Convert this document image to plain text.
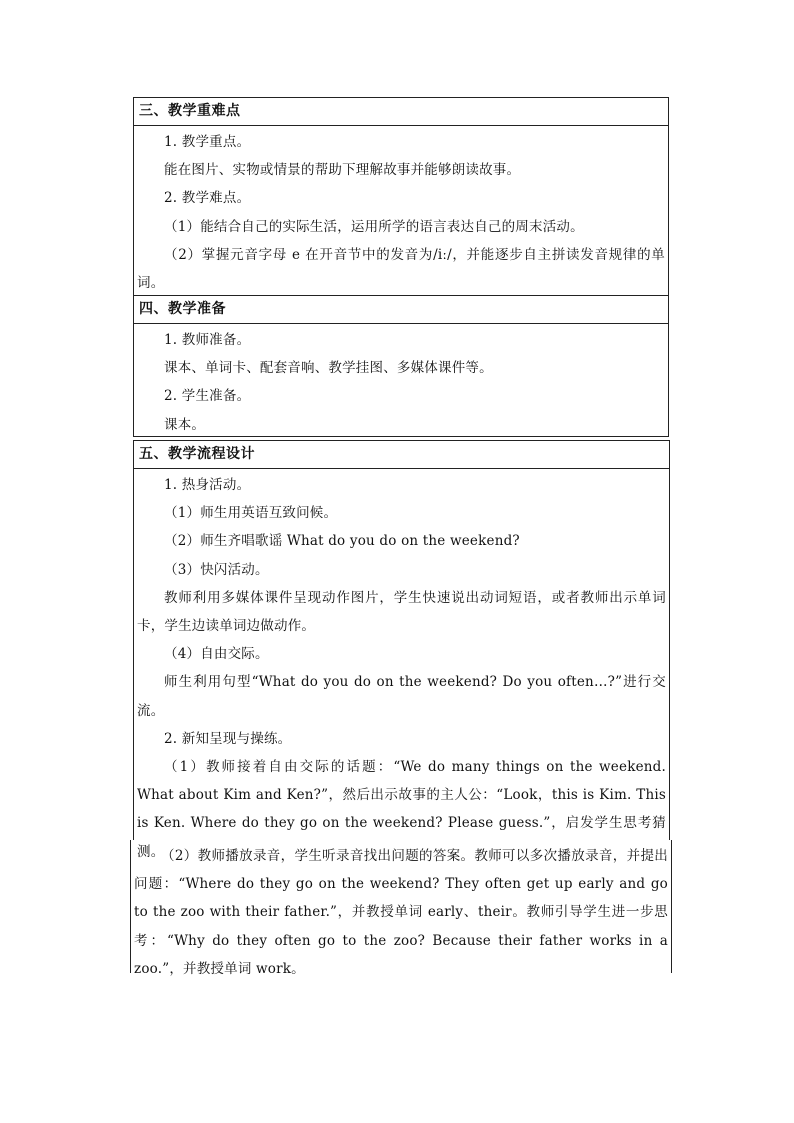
三、教学重难点

1. 教学重点。

能在图片、实物或情景的帮助下理解故事并能够朗读故事。

2. 教学难点。

（1）能结合自己的实际生活，运用所学的语言表达自己的周末活动。

（2）掌握元音字母 e 在开音节中的发音为/iː/，并能逐步自主拼读发音规律的单词。

四、教学准备

1. 教师准备。

课本、单词卡、配套音响、教学挂图、多媒体课件等。

2. 学生准备。

课本。

五、教学流程设计

1. 热身活动。

（1）师生用英语互致问候。

（2）师生齐唱歌谣 What do you do on the weekend?

（3）快闪活动。

教师利用多媒体课件呈现动作图片，学生快速说出动词短语，或者教师出示单词卡，学生边读单词边做动作。

（4）自由交际。

师生利用句型“What do you do on the weekend? Do you often…?”进行交流。

2. 新知呈现与操练。

（1）教师接着自由交际的话题：“We do many things on the weekend. What about Kim and Ken?”，然后出示故事的主人公：“Look，this is Kim. This is Ken. Where do they go on the weekend? Please guess.”，启发学生思考猜测。

（2）教师播放录音，学生听录音找出问题的答案。教师可以多次播放录音，并提出问题：“Where do they go on the weekend? They often get up early and go to the zoo with their father.”，并教授单词 early、their。教师引导学生进一步思考：“Why do they often go to the zoo? Because their father works in a zoo.”，并教授单词 work。
